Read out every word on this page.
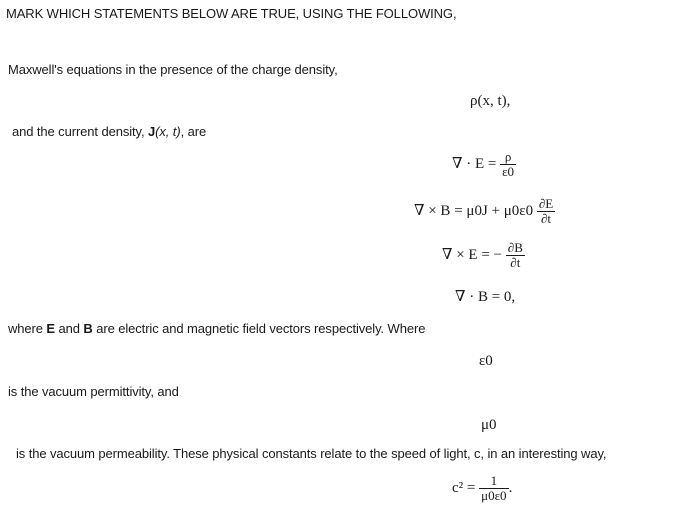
MARK WHICH STATEMENTS BELOW ARE TRUE, USING THE FOLLOWING,
Maxwell's equations in the presence of the charge density,
ρ(x, t),
and the current density, J(x, t), are
∇ · $E = \frac{\rho}{\varepsilon 0}$
∇ × $B = \mu 0J + \mu 0\varepsilon 0 \frac{\partial E}{\partial t}$
∇ × E = − $\frac{\partial B}{\partial t}$
∇ · B = 0,
where E and B are electric and magnetic field vectors respectively. Where
ε0
is the vacuum permittivity, and
μ0
is the vacuum permeability. These physical constants relate to the speed of light, c, in an interesting way,
$c^2 = \frac{1}{\mu 0\varepsilon 0}$ .
